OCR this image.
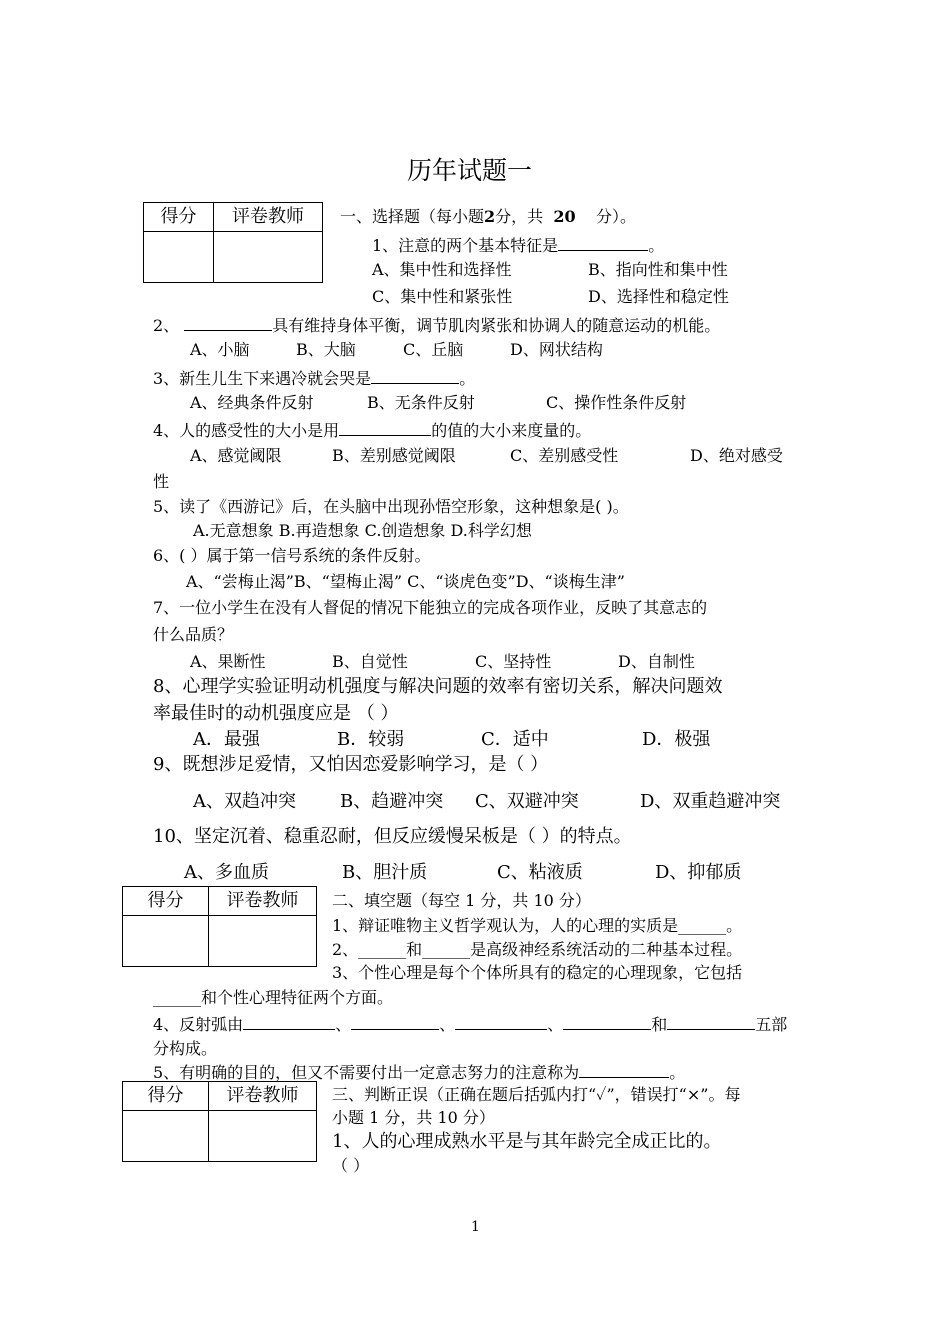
历年试题一
得分	评卷教师	一、选择题（每小题2分，共 20 分）。
1、注意的两个基本特征是	。
A、集中性和选择性	B、指向性和集中性
C、集中性和紧张性	D、选择性和稳定性
2、	具有维持身体平衡，调节肌肉紧张和协调人的随意运动的机能。
A、小脑	B、大脑	C、丘脑	D、网状结构
3、新生儿生下来遇冷就会哭是	。
A、经典条件反射	B、无条件反射	C、操作性条件反射
4、人的感受性的大小是用	的值的大小来度量的。
A、感觉阈限	B、差别感觉阈限	C、差别感受性	D、绝对感受
性
5、读了《西游记》后，在头脑中出现孙悟空形象，这种想象是( )。
A.无意想象 B.再造想象 C.创造想象 D.科学幻想
6、( ）属于第一信号系统的条件反射。
A、“尝梅止渴”B、“望梅止渴” C、“谈虎色变”D、“谈梅生津”
7、一位小学生在没有人督促的情况下能独立的完成各项作业，反映了其意志的
什么品质？
A、果断性	B、自觉性	C、坚持性	D、自制性
8、心理学实验证明动机强度与解决问题的效率有密切关系，解决问题效
率最佳时的动机强度应是 （ ）
A．最强	B．较弱	C．适中	D．极强
9、既想涉足爱情，又怕因恋爱影响学习，是（ ）
A、双趋冲突 B、趋避冲突 C、双避冲突	D、双重趋避冲突
10、坚定沉着、稳重忍耐，但反应缓慢呆板是（ ）的特点。
A、多血质	B、胆汁质	C、粘液质	D、抑郁质
得分	评卷教师	二、填空题（每空 1 分，共 10 分）
1、辩证唯物主义哲学观认为，人的心理的实质是______。
2、______和______是高级神经系统活动的二种基本过程。
3、个性心理是每个个体所具有的稳定的心理现象，它包括
______和个性心理特征两个方面。
4、反射弧由	、	、	、	和	五部
分构成。
5、有明确的目的，但又不需要付出一定意志努力的注意称为	。
得分	评卷教师	三、判断正误（正确在题后括弧内打“✓”，错误打“×”。每
小题 1 分，共 10 分）
1、人的心理成熟水平是与其年龄完全成正比的。
（ ）
1
